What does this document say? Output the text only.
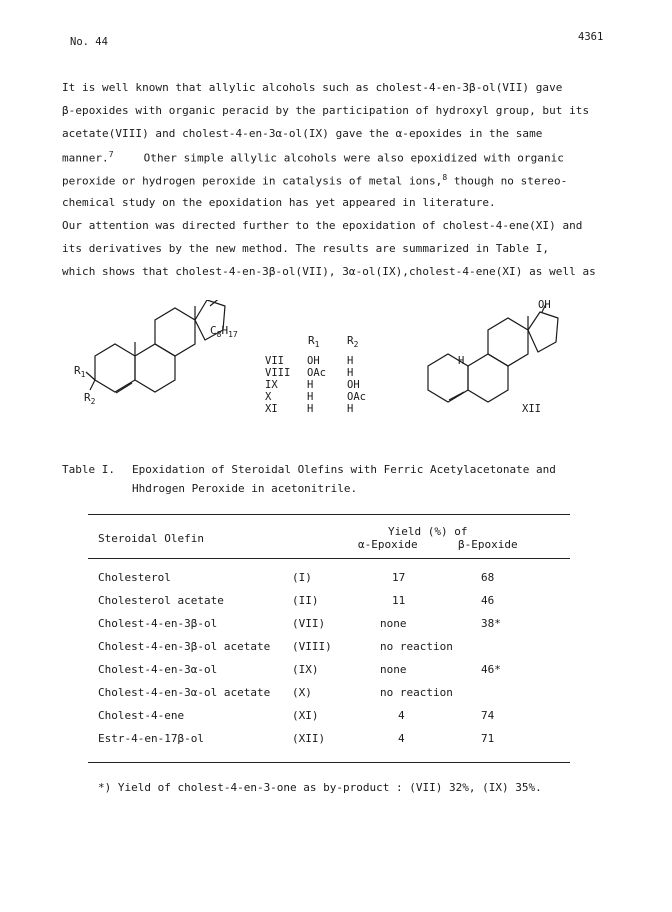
No. 44	4361
It is well known that allylic alcohols such as cholest-4-en-3β-ol(VII) gave
β-epoxides with organic peracid by the participation of hydroxyl group, but its
acetate(VIII) and cholest-4-en-3α-ol(IX) gave the α-epoxides in the same
manner.$^7$	Other simple allylic alcohols were also epoxidized with organic
peroxide or hydrogen peroxide in catalysis of metal ions,$^8$ though no stereo-
chemical study on the epoxidation has yet appeared in literature.
Our attention was directed further to the epoxidation of cholest-4-ene(XI) and
its derivatives by the new method. The results are summarized in Table I,
which shows that cholest-4-en-3β-ol(VII), 3α-ol(IX),cholest-4-ene(XI) as well as
$C_8H_{17}$
$R_1$
$R_2$
$R_1$	$R_2$
VII OH	H
VIII OAc H
IX	H	OH
X	H	OAc
XI	H	H
OH
H
XII
Table I. Epoxidation of Steroidal Olefins with Ferric Acetylacetonate and
Hhdrogen Peroxide in acetonitrile.
Steroidal Olefin
Yield (%) of
α-Epoxide	β-Epoxide
Cholesterol	(I)	17	68
Cholesterol acetate	(II)	11	46
Cholest-4-en-3β-ol	(VII)	none	38*
Cholest-4-en-3β-ol acetate (VIII)	no reaction
Cholest-4-en-3α-ol	(IX)	none	46*
Cholest-4-en-3α-ol acetate (X)	no reaction
Cholest-4-ene	(XI)	4	74
Estr-4-en-17β-ol	(XII)	4	71
*) Yield of cholest-4-en-3-one as by-product : (VII) 32%, (IX) 35%.
